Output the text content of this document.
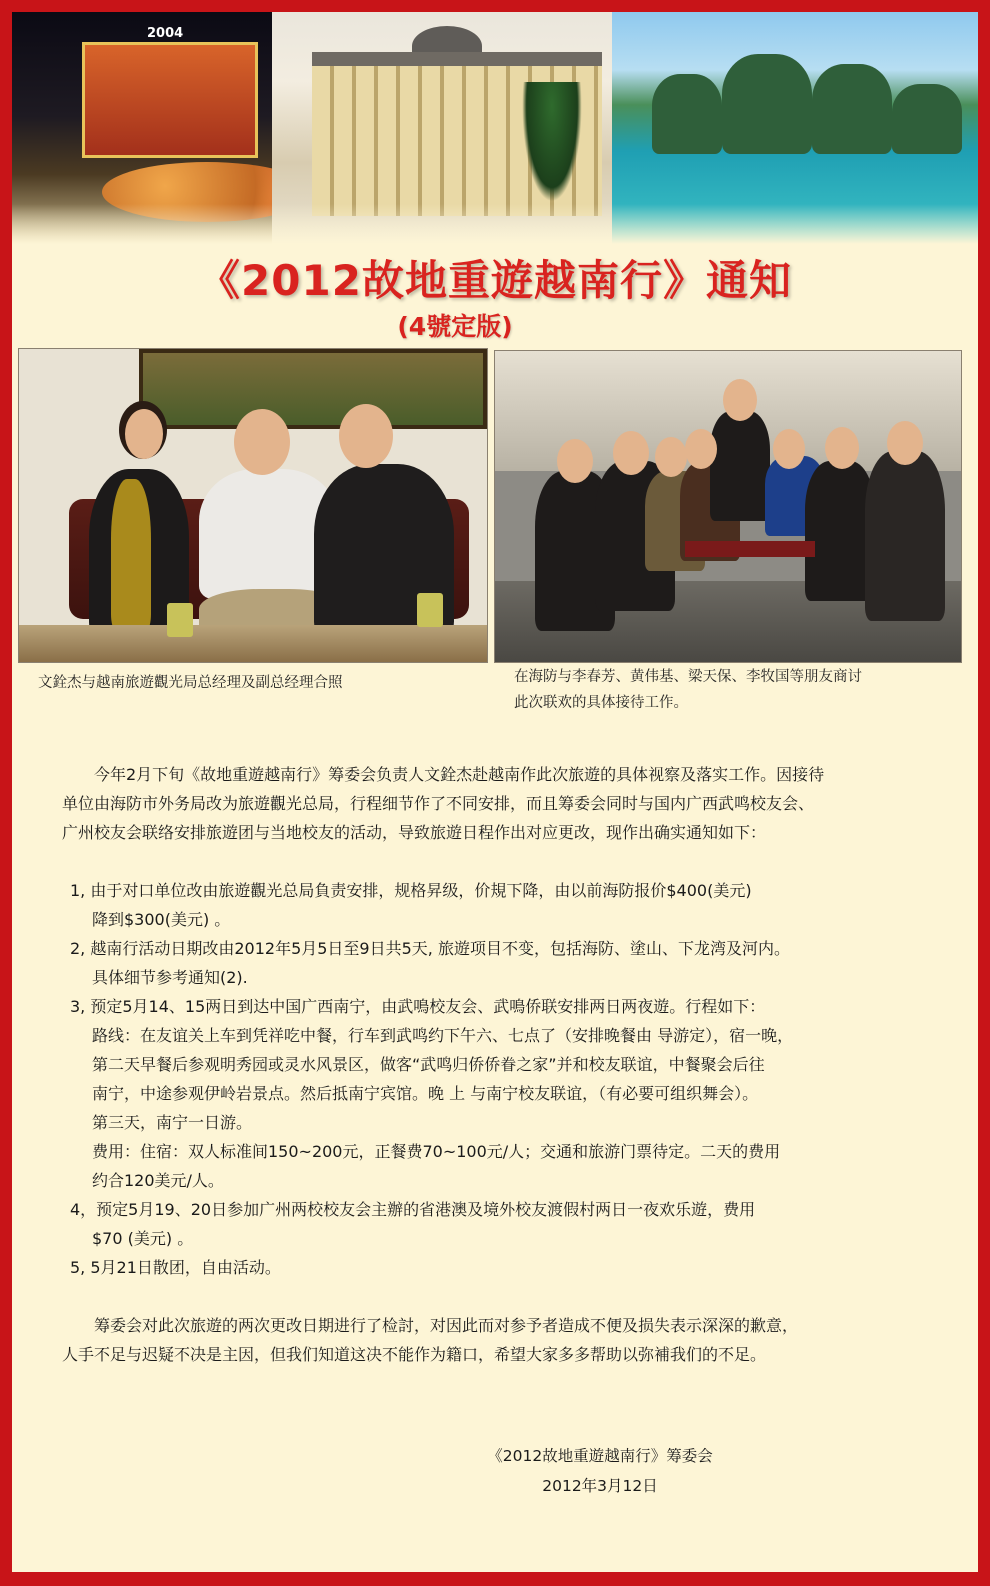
2004
《2012故地重遊越南行》通知
(4號定版)
文銓杰与越南旅遊觀光局总经理及副总经理合照	在海防与李春芳、黄伟基、梁天保、李牧国等朋友商讨
此次联欢的具体接待工作。

今年2月下旬《故地重遊越南行》筹委会负责人文銓杰赴越南作此次旅遊的具体视察及落实工作。因接待

单位由海防市外务局改为旅遊觀光总局，行程细节作了不同安排，而且筹委会同时与国内广西武鸣校友会、

广州校友会联络安排旅遊团与当地校友的活动，导致旅遊日程作出对应更改，现作出确实通知如下：

1, 由于对口单位改由旅遊觀光总局負责安排，规格昇级，价規下降，由以前海防报价$400(美元)

降到$300(美元) 。

2, 越南行活动日期改由2012年5月5日至9日共5天, 旅遊项目不变，包括海防、塗山、下龙湾及河内。

具体细节参考通知(2).

3, 预定5月14、15两日到达中国广西南宁，由武鳴校友会、武鳴侨联安排两日两夜遊。行程如下：

路线：在友谊关上车到凭祥吃中餐，行车到武鸣约下午六、七点了（安排晚餐由 导游定），宿一晚，

第二天早餐后参观明秀园或灵水风景区，做客“武鸣归侨侨眷之家”并和校友联谊，中餐聚会后往

南宁，中途参观伊岭岩景点。然后抵南宁宾馆。晚 上 与南宁校友联谊，（有必要可组织舞会）。

第三天，南宁一日游。

费用：住宿：双人标准间150~200元，正餐费70~100元/人；交通和旅游门票待定。二天的费用

约合120美元/人。

4，预定5月19、20日参加广州两校校友会主辦的省港澳及境外校友渡假村两日一夜欢乐遊，费用

$70 (美元) 。

5, 5月21日散团，自由活动。

筹委会对此次旅遊的两次更改日期进行了检討，对因此而对参予者造成不便及损失表示深深的歉意，

人手不足与迟疑不决是主因，但我们知道这决不能作为籍口，希望大家多多帮助以弥補我们的不足。

《2012故地重遊越南行》筹委会
2012年3月12日
